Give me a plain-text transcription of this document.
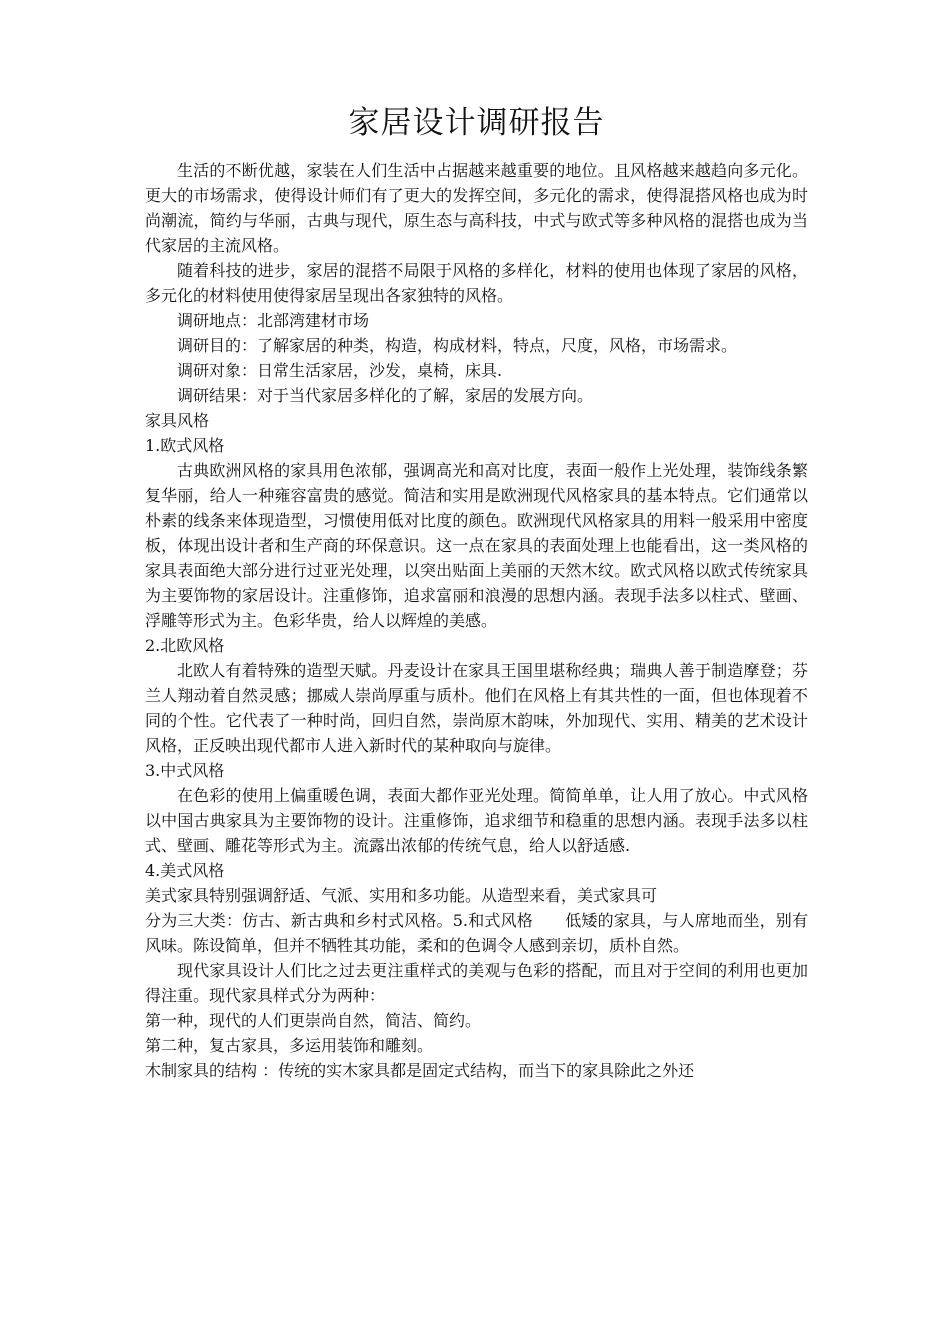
家居设计调研报告

生活的不断优越，家装在人们生活中占据越来越重要的地位。且风格越来越趋向多元化。更大的市场需求，使得设计师们有了更大的发挥空间，多元化的需求，使得混搭风格也成为时尚潮流，简约与华丽，古典与现代，原生态与高科技，中式与欧式等多种风格的混搭也成为当代家居的主流风格。

随着科技的进步，家居的混搭不局限于风格的多样化，材料的使用也体现了家居的风格，多元化的材料使用使得家居呈现出各家独特的风格。

调研地点：北部湾建材市场

调研目的：了解家居的种类，构造，构成材料，特点，尺度，风格，市场需求。

调研对象：日常生活家居，沙发，桌椅，床具.

调研结果：对于当代家居多样化的了解，家居的发展方向。

家具风格

1.欧式风格

古典欧洲风格的家具用色浓郁，强调高光和高对比度，表面一般作上光处理，装饰线条繁复华丽，给人一种雍容富贵的感觉。简洁和实用是欧洲现代风格家具的基本特点。它们通常以朴素的线条来体现造型，习惯使用低对比度的颜色。欧洲现代风格家具的用料一般采用中密度板，体现出设计者和生产商的环保意识。这一点在家具的表面处理上也能看出，这一类风格的家具表面绝大部分进行过亚光处理，以突出贴面上美丽的天然木纹。欧式风格以欧式传统家具为主要饰物的家居设计。注重修饰，追求富丽和浪漫的思想内涵。表现手法多以柱式、壁画、浮雕等形式为主。色彩华贵，给人以辉煌的美感。

2.北欧风格

北欧人有着特殊的造型天赋。丹麦设计在家具王国里堪称经典；瑞典人善于制造摩登；芬兰人翔动着自然灵感；挪威人崇尚厚重与质朴。他们在风格上有其共性的一面，但也体现着不同的个性。它代表了一种时尚，回归自然，崇尚原木韵味，外加现代、实用、精美的艺术设计风格，正反映出现代都市人进入新时代的某种取向与旋律。

3.中式风格

在色彩的使用上偏重暖色调，表面大都作亚光处理。简简单单，让人用了放心。中式风格以中国古典家具为主要饰物的设计。注重修饰，追求细节和稳重的思想内涵。表现手法多以柱式、壁画、雕花等形式为主。流露出浓郁的传统气息，给人以舒适感.

4.美式风格

美式家具特别强调舒适、气派、实用和多功能。从造型来看，美式家具可

分为三大类：仿古、新古典和乡村式风格。5.和式风格 低矮的家具，与人席地而坐，别有风味。陈设简单，但并不牺牲其功能，柔和的色调令人感到亲切，质朴自然。

现代家具设计人们比之过去更注重样式的美观与色彩的搭配，而且对于空间的利用也更加得注重。现代家具样式分为两种：

第一种，现代的人们更崇尚自然，简洁、简约。

第二种，复古家具，多运用装饰和雕刻。

木制家具的结构 ：传统的实木家具都是固定式结构，而当下的家具除此之外还
